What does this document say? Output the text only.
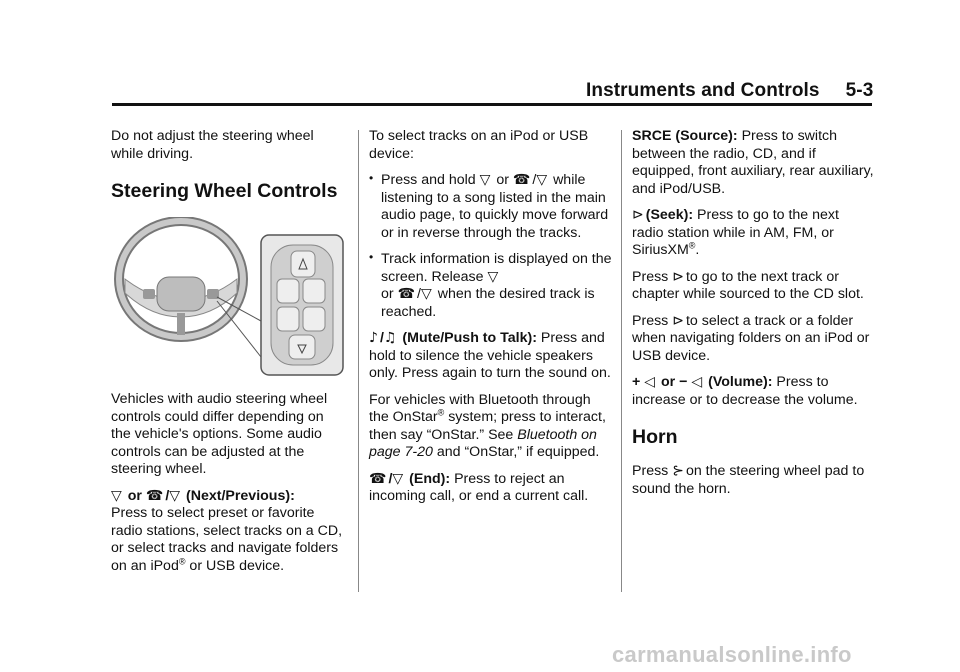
Instruments and Controls 5-3

Do not adjust the steering wheel while driving.

Steering Wheel Controls

Vehicles with audio steering wheel controls could differ depending on the vehicle's options. Some audio controls can be adjusted at the steering wheel.

▽ or ☎ /▽ (Next/Previous):
Press to select preset or favorite radio stations, select tracks on a CD, or select tracks and navigate folders on an iPod® or USB device.

To select tracks on an iPod or USB device:

• Press and hold ▽ or ☎ /▽ while listening to a song listed in the main audio page, to quickly move forward or in reverse through the tracks.
• Track information is displayed on the screen. Release ▽
or ☎ /▽ when the desired track is reached.

♪ /♫ (Mute/Push to Talk): Press and hold to silence the vehicle speakers only. Press again to turn the sound on.

For vehicles with Bluetooth through the OnStar® system; press to interact, then say “OnStar.” See Bluetooth on page 7-20 and “OnStar,” if equipped.

☎ /▽ (End): Press to reject an incoming call, or end a current call.

SRCE (Source): Press to switch between the radio, CD, and if equipped, front auxiliary, rear auxiliary, and iPod/USB.

⊳ (Seek): Press to go to the next radio station while in AM, FM, or SiriusXM®.

Press ⊳ to go to the next track or chapter while sourced to the CD slot.

Press ⊳ to select a track or a folder when navigating folders on an iPod or USB device.

+ ◁ or − ◁ (Volume): Press to increase or to decrease the volume.

Horn

Press ⊱ on the steering wheel pad to sound the horn.

carmanualsonline.info
